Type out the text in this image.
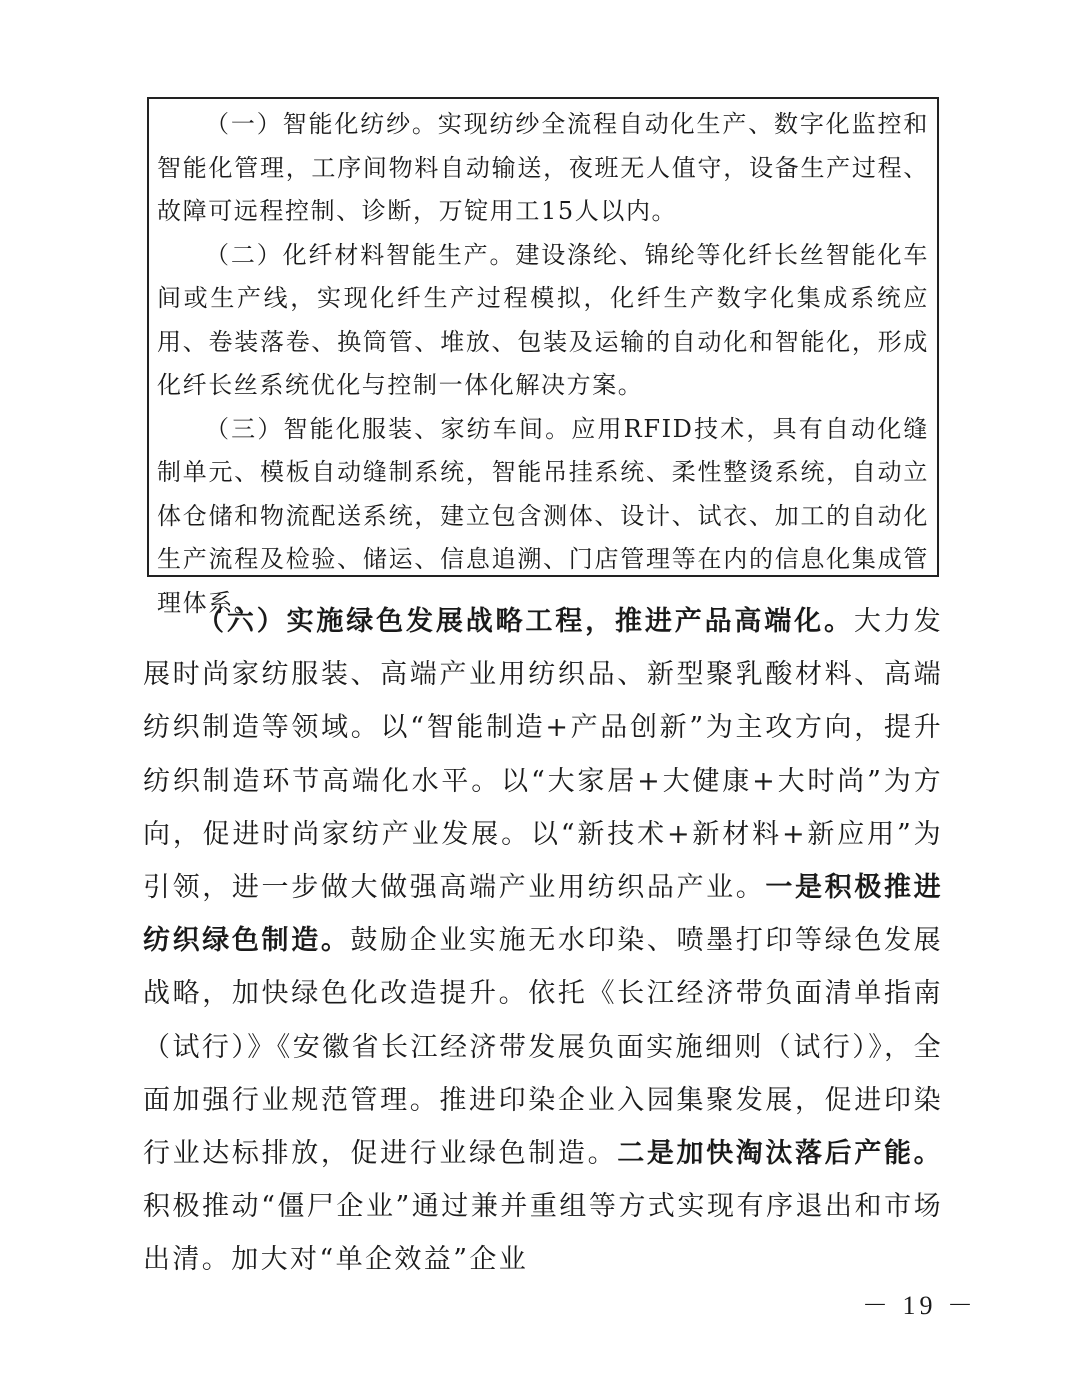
（一）智能化纺纱。实现纺纱全流程自动化生产、数字化监控和智能化管理，工序间物料自动输送，夜班无人值守，设备生产过程、故障可远程控制、诊断，万锭用工15人以内。

（二）化纤材料智能生产。建设涤纶、锦纶等化纤长丝智能化车间或生产线，实现化纤生产过程模拟，化纤生产数字化集成系统应用、卷装落卷、换筒管、堆放、包装及运输的自动化和智能化，形成化纤长丝系统优化与控制一体化解决方案。

（三）智能化服装、家纺车间。应用RFID技术，具有自动化缝制单元、模板自动缝制系统，智能吊挂系统、柔性整烫系统，自动立体仓储和物流配送系统，建立包含测体、设计、试衣、加工的自动化生产流程及检验、储运、信息追溯、门店管理等在内的信息化集成管理体系。

（六）实施绿色发展战略工程，推进产品高端化。大力发展时尚家纺服装、高端产业用纺织品、新型聚乳酸材料、高端纺织制造等领域。以“智能制造+产品创新”为主攻方向，提升纺织制造环节高端化水平。以“大家居+大健康+大时尚”为方向，促进时尚家纺产业发展。以“新技术+新材料+新应用”为引领，进一步做大做强高端产业用纺织品产业。一是积极推进纺织绿色制造。鼓励企业实施无水印染、喷墨打印等绿色发展战略，加快绿色化改造提升。依托《长江经济带负面清单指南（试行）》《安徽省长江经济带发展负面实施细则（试行）》，全面加强行业规范管理。推进印染企业入园集聚发展，促进印染行业达标排放，促进行业绿色制造。二是加快淘汰落后产能。积极推动“僵尸企业”通过兼并重组等方式实现有序退出和市场出清。加大对“单企效益”企业

－ 19 －
